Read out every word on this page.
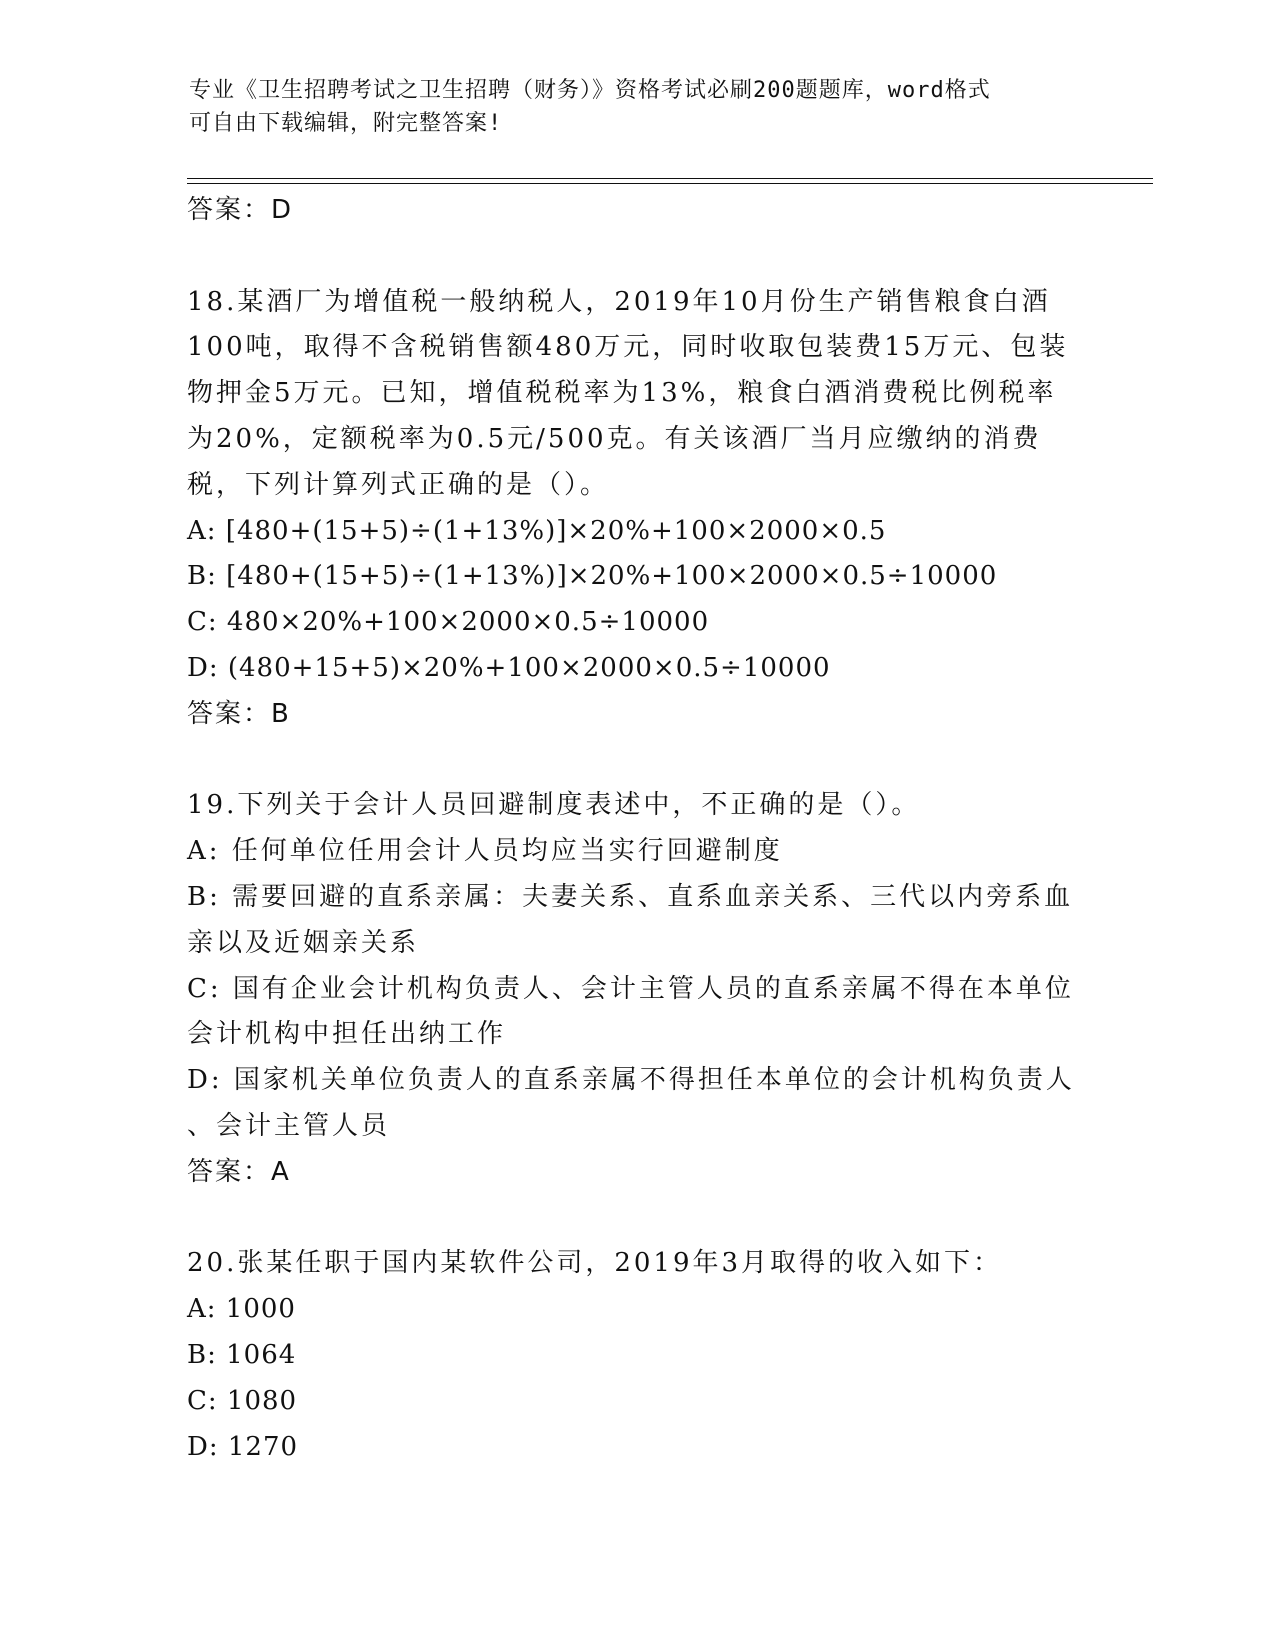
专业《卫生招聘考试之卫生招聘（财务）》资格考试必刷200题题库，word格式
可自由下载编辑，附完整答案!
答案：D
18.某酒厂为增值税一般纳税人，2019年10月份生产销售粮食白酒
100吨，取得不含税销售额480万元，同时收取包装费15万元、包装
物押金5万元。已知，增值税税率为13%，粮食白酒消费税比例税率
为20%，定额税率为0.5元/500克。有关该酒厂当月应缴纳的消费
税，下列计算列式正确的是（）。
A: [480+(15+5)÷(1+13%)]×20%+100×2000×0.5
B: [480+(15+5)÷(1+13%)]×20%+100×2000×0.5÷10000
C: 480×20%+100×2000×0.5÷10000
D: (480+15+5)×20%+100×2000×0.5÷10000
答案：B
19.下列关于会计人员回避制度表述中，不正确的是（）。
A: 任何单位任用会计人员均应当实行回避制度
B: 需要回避的直系亲属：夫妻关系、直系血亲关系、三代以内旁系血
亲以及近姻亲关系
C: 国有企业会计机构负责人、会计主管人员的直系亲属不得在本单位
会计机构中担任出纳工作
D: 国家机关单位负责人的直系亲属不得担任本单位的会计机构负责人
、会计主管人员
答案：A
20.张某任职于国内某软件公司，2019年3月取得的收入如下：
A: 1000
B: 1064
C: 1080
D: 1270
